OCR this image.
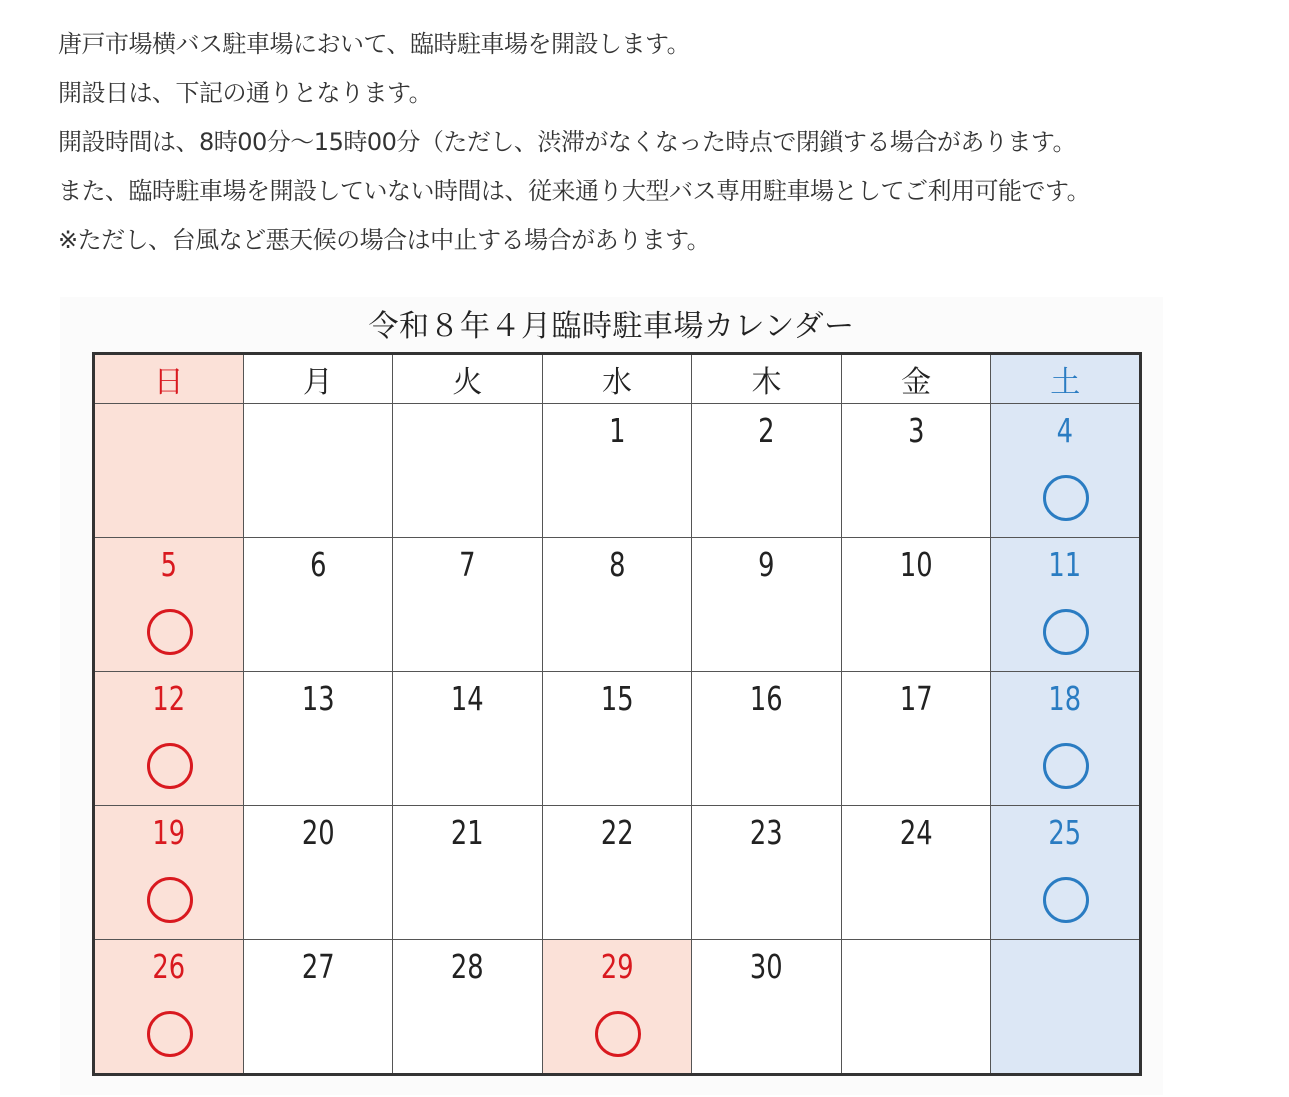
唐戸市場横バス駐車場において、臨時駐車場を開設します。
開設日は、下記の通りとなります。
開設時間は、8時00分～15時00分（ただし、渋滞がなくなった時点で閉鎖する場合があります。
また、臨時駐車場を開設していない時間は、従来通り大型バス専用駐車場としてご利用可能です。
※ただし、台風など悪天候の場合は中止する場合があります。
令和８年４月臨時駐車場カレンダー
日	月	火	水	木	金	土

			1	2	3	4

5	6	7	8	9	10	11

12	13	14	15	16	17	18

19	20	21	22	23	24	25

26	27	28	29	30		
